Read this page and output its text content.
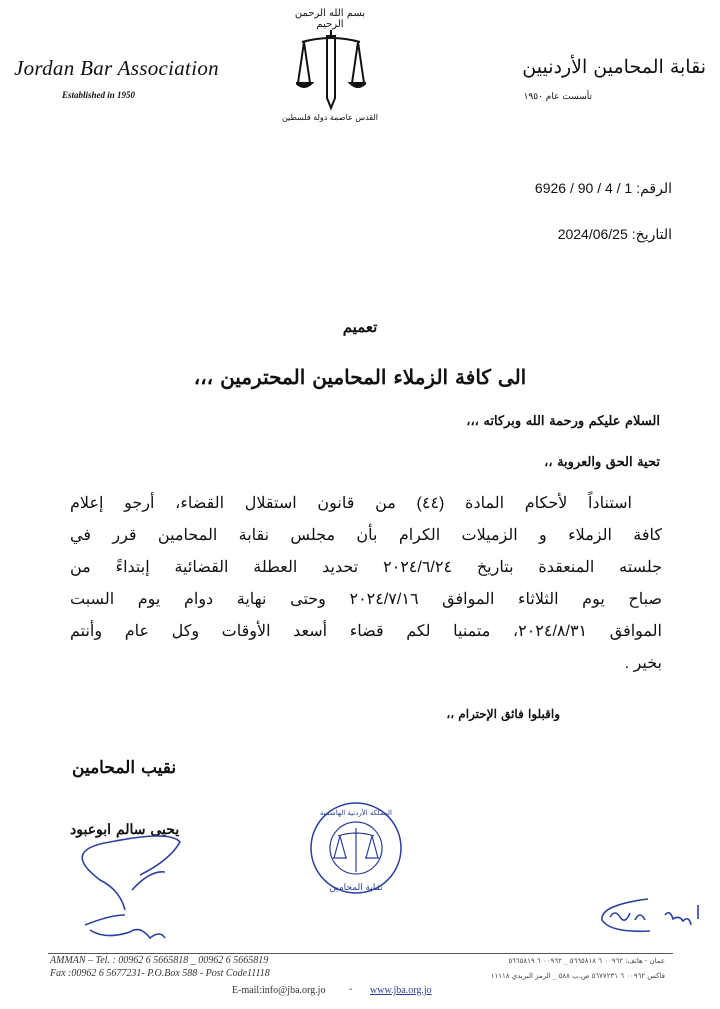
بسم الله الرحمن الرحيم
القدس عاصمة دولة فلسطين
Jordan Bar Association
Established in 1950
نقابة المحامين الأردنيين
تأسست عام ١٩٥٠
الرقم:6926 / 90 / 4 / 1
التاريخ:2024/06/25
تعميم
الى كافة الزملاء المحامين المحترمين ،،،
السلام عليكم ورحمة الله وبركاته ،،،
تحية الحق والعروبة ،،
استناداً لأحكام المادة (٤٤) من قانون استقلال القضاء، أرجو إعلام
كافة الزملاء و الزميلات الكرام بأن مجلس نقابة المحامين قرر في
جلسته المنعقدة بتاريخ ٢٠٢٤/٦/٢٤ تحديد العطلة القضائية إبتداءً من
صباح يوم الثلاثاء الموافق ٢٠٢٤/٧/١٦ وحتى نهاية دوام يوم السبت
الموافق ٢٠٢٤/٨/٣١، متمنيا لكم قضاء أسعد الأوقات وكل عام وأنتم
بخير .
واقبلوا فائق الإحترام ،،
نقيب المحامين
يحيى سالم ابوعبود
المملكة الأردنية الهاشمية
نقابة المحامين
AMMAN – Tel. : 00962 6 5665818 _ 00962 6 5665819
Fax :00962 6 5677231- P.O.Box 588 - Post Code11118
عمان - هاتف: ٠٠٩٦٢ ٦ ٥٦٦٥٨١٨ _ ٠٠٩٦٢ ٦ ٥٦٦٥٨١٩
فاكس ٠٠٩٦٢ ٦ ٥٦٧٧٢٣١ ص.ب ٥٨٨ _ الرمز البريدي ١١١١٨
E-mail:info@jba.org.jo - www.jba.org.jo
